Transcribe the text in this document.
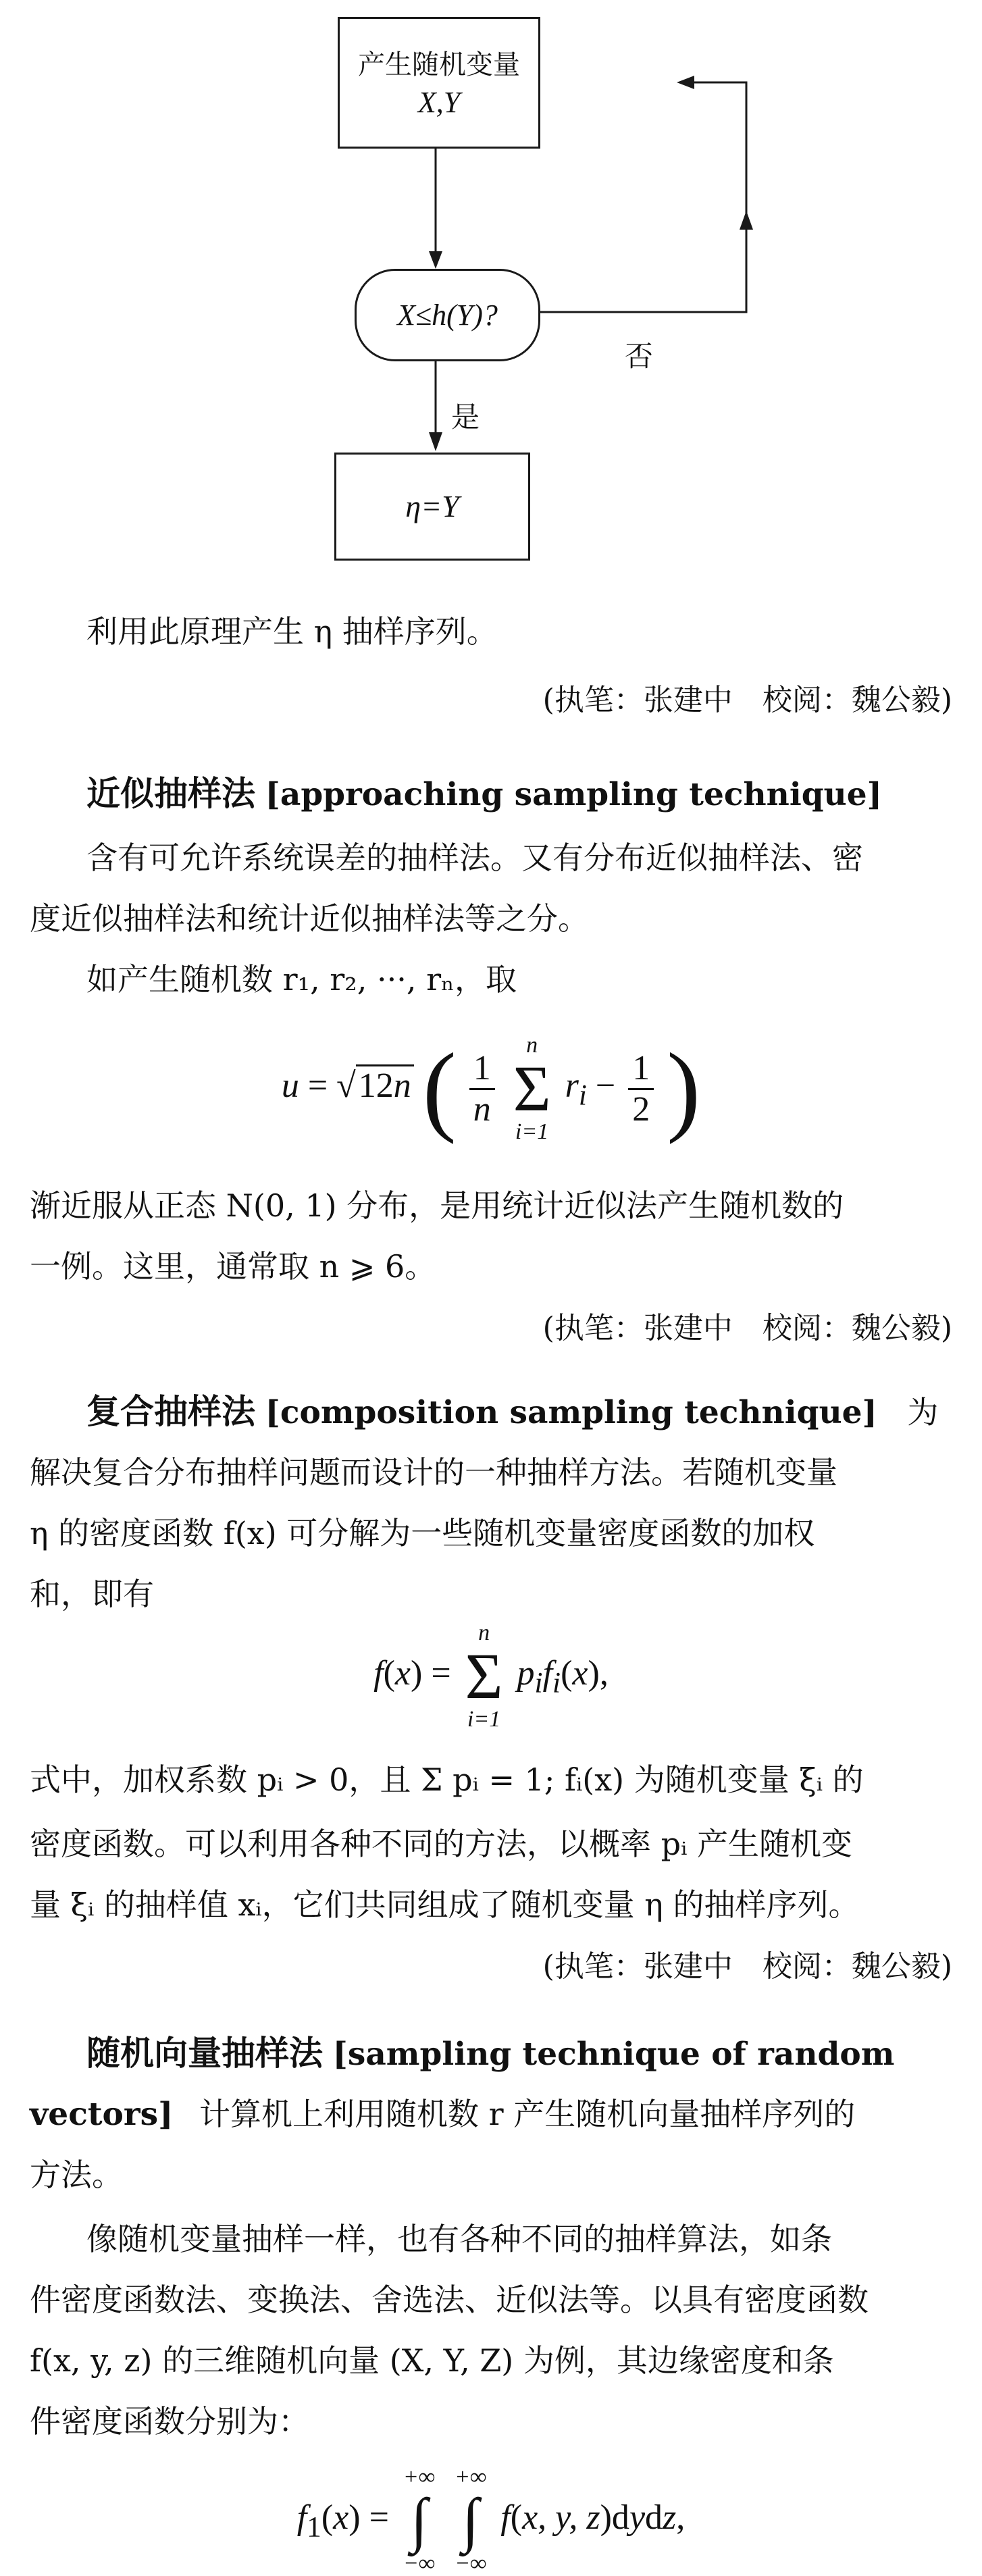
产生随机变量
X,Y
X≤h(Y)?
否
是
η=Y
利用此原理产生 η 抽样序列。
(执笔：张建中　校阅：魏公毅)
近似抽样法 [approaching sampling technique]
含有可允许系统误差的抽样法。又有分布近似抽样法、密
度近似抽样法和统计近似抽样法等之分。
如产生随机数 r₁, r₂, ···, rₙ，取
u = √12n ( $\frac{1}{n}$

n
Σ
i=1
$r_i - \frac{1}{2}$ )
渐近服从正态 N(0, 1) 分布，是用统计近似法产生随机数的
一例。这里，通常取 n ⩾ 6。
(执笔：张建中　校阅：魏公毅)
复合抽样法 [composition sampling technique] 为
解决复合分布抽样问题而设计的一种抽样方法。若随机变量
η 的密度函数 f(x) 可分解为一些随机变量密度函数的加权
和，即有
f(x) =
n
Σ
i=1
$p_if_i(x)$,
式中，加权系数 pᵢ > 0，且 Σ pᵢ = 1; fᵢ(x) 为随机变量 ξᵢ 的
密度函数。可以利用各种不同的方法，以概率 pᵢ 产生随机变
量 ξᵢ 的抽样值 xᵢ，它们共同组成了随机变量 η 的抽样序列。
(执笔：张建中　校阅：魏公毅)
随机向量抽样法 [sampling technique of random
vectors] 计算机上利用随机数 r 产生随机向量抽样序列的
方法。
像随机变量抽样一样，也有各种不同的抽样算法，如条
件密度函数法、变换法、舍选法、近似法等。以具有密度函数
f(x, y, z) 的三维随机向量 (X, Y, Z) 为例，其边缘密度和条
件密度函数分别为：
$f_1(x)$ =
+∞
∫
−∞

+∞
∫
−∞
f(x, y, z)dydz,
